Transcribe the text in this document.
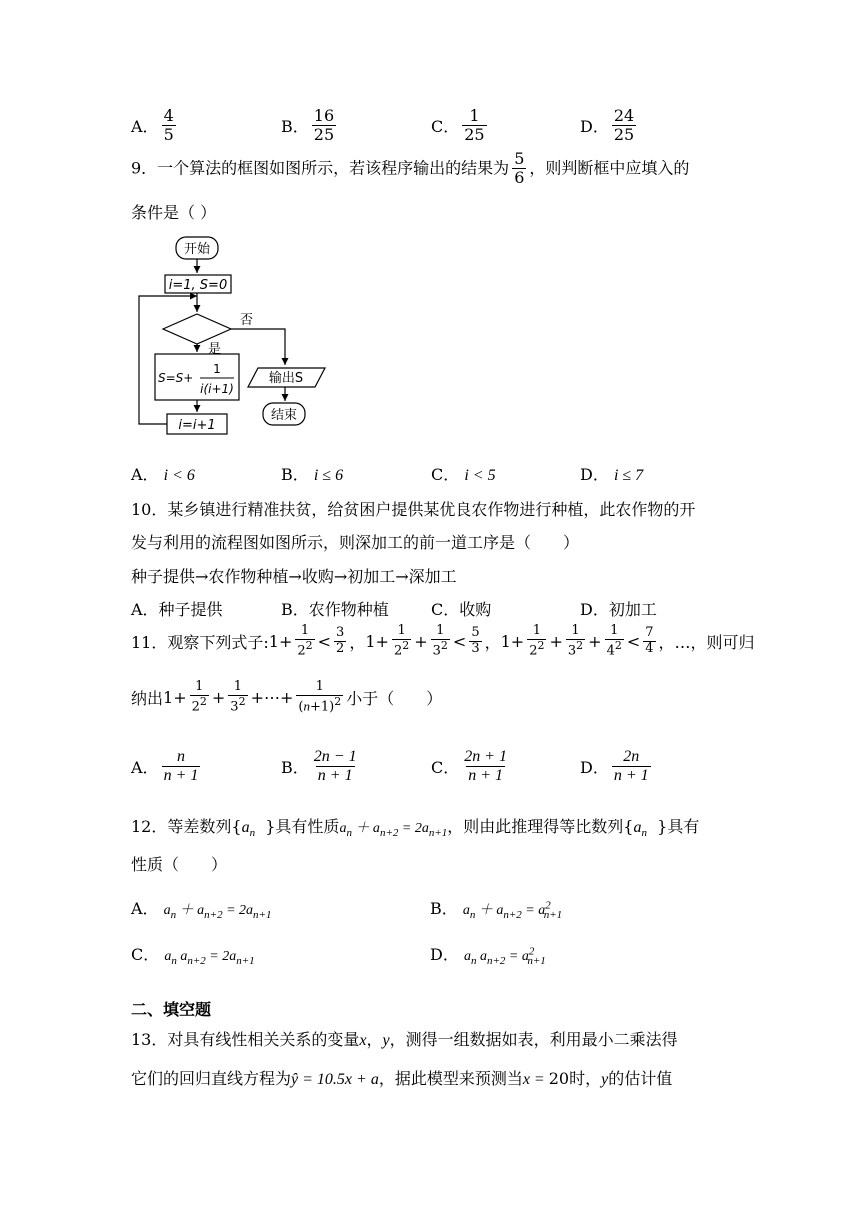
A． $\frac{4}{5}$	B． $\frac{16}{25}$	C． $\frac{1}{25}$	D． $\frac{24}{25}$
9．一个算法的框图如图所示，若该程序输出的结果为 $\frac{5}{6}$ ，则判断框中应填入的
条件是（ ）
开始
i=1, S=0
否
是
S=S+
1
i(i+1)
i=i+1
输出S
结束
A． i < 6	B． i ≤ 6	C． i < 5	D． i ≤ 7
10．某乡镇进行精准扶贫，给贫困户提供某优良农作物进行种植，此农作物的开
发与利用的流程图如图所示，则深加工的前一道工序是（　　）
种子提供→农作物种植→收购→初加工→深加工
A．种子提供	B．农作物种植	C．收购	D．初加工
11．观察下列式子: $1+ \frac{1}{2^2} < \frac{3}{2}$ ， $1+ \frac{1}{2^2} + \frac{1}{3^2} < \frac{5}{3}$ ， $1+ \frac{1}{2^2} + \frac{1}{3^2} + \frac{1}{4^2} < \frac{7}{4}$ ，…，则可归
纳出 $1+ \frac{1}{2^2} + \frac{1}{3^2}$ +⋯+ $\frac{1}{(n+1)^2}$ 小于（　　）
A． $\frac{n}{n + 1}$	B． $\frac{2n - 1}{n + 1}$	C． $\frac{2n + 1}{n + 1}$	D． $\frac{2n}{n + 1}$
12．等差数列{$a_n$  }具有性质$a_n + a_{n+2} = 2a_{n+1}$，则由此推理得等比数列{$a_n$  }具有
性质（　　）
A． $a_n + a_{n+2} = 2a_{n+1}$	B． $a_n + a_{n+2} = a^2_{n+1}$
C． $a_n$ $a_{n+2} = 2a_{n+1}$	D． $a_n$ $a_{n+2} = a^2_{n+1}$
二、填空题
13．对具有线性相关关系的变量x，y，测得一组数据如表，利用最小二乘法得
它们的回归直线方程为ŷ = 10.5x + a，据此模型来预测当x = 20时，y的估计值
